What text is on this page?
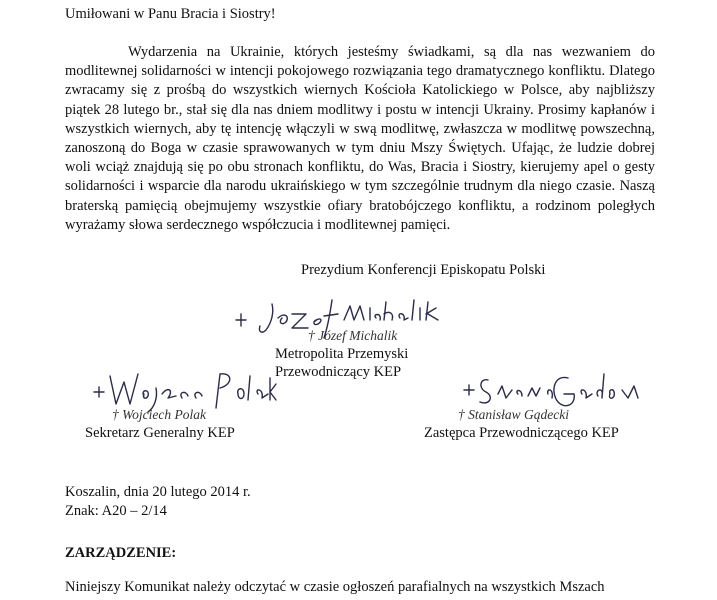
Umiłowani w Panu Bracia i Siostry!

Wydarzenia na Ukrainie, których jesteśmy świadkami, są dla nas wezwaniem do modlitewnej solidarności w intencji pokojowego rozwiązania tego dramatycznego konfliktu. Dlatego zwracamy się z prośbą do wszystkich wiernych Kościoła Katolickiego w Polsce, aby najbliższy piątek 28 lutego br., stał się dla nas dniem modlitwy i postu w intencji Ukrainy. Prosimy kapłanów i wszystkich wiernych, aby tę intencję włączyli w swą modlitwę, zwłaszcza w modlitwę powszechną, zanoszoną do Boga w czasie sprawowanych w tym dniu Mszy Świętych. Ufając, że ludzie dobrej woli wciąż znajdują się po obu stronach konfliktu, do Was, Bracia i Siostry, kierujemy apel o gesty solidarności i wsparcie dla narodu ukraińskiego w tym szczególnie trudnym dla niego czasie. Naszą braterską pamięcią obejmujemy wszystkie ofiary bratobójczego konfliktu, a rodzinom poległych wyrażamy słowa serdecznego współczucia i modlitewnej pamięci.

Prezydium Konferencji Episkopatu Polski
† Józef Michalik
Metropolita Przemyski
Przewodniczący KEP
† Wojciech Polak
Sekretarz Generalny KEP
† Stanisław Gądecki
Zastępca Przewodniczącego KEP
Koszalin, dnia 20 lutego 2014 r.
Znak: A20 – 2/14
ZARZĄDZENIE:
Niniejszy Komunikat należy odczytać w czasie ogłoszeń parafialnych na wszystkich Mszach
